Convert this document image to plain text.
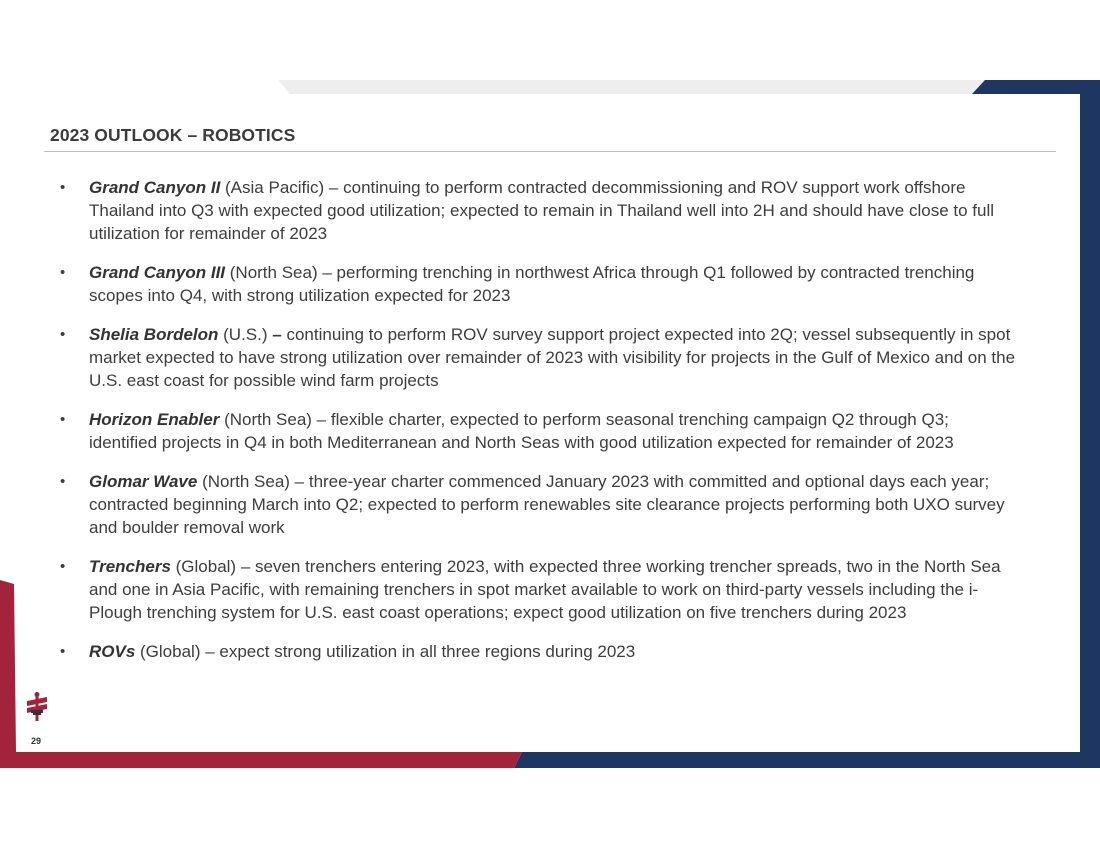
2023 OUTLOOK – ROBOTICS
• Grand Canyon II (Asia Pacific) – continuing to perform contracted decommissioning and ROV support work offshore Thailand into Q3 with expected good utilization; expected to remain in Thailand well into 2H and should have close to full utilization for remainder of 2023
• Grand Canyon III (North Sea) – performing trenching in northwest Africa through Q1 followed by contracted trenching scopes into Q4, with strong utilization expected for 2023
• Shelia Bordelon (U.S.) – continuing to perform ROV survey support project expected into 2Q; vessel subsequently in spot market expected to have strong utilization over remainder of 2023 with visibility for projects in the Gulf of Mexico and on the U.S. east coast for possible wind farm projects
• Horizon Enabler (North Sea) – flexible charter, expected to perform seasonal trenching campaign Q2 through Q3; identified projects in Q4 in both Mediterranean and North Seas with good utilization expected for remainder of 2023
• Glomar Wave (North Sea) – three-year charter commenced January 2023 with committed and optional days each year; contracted beginning March into Q2; expected to perform renewables site clearance projects performing both UXO survey and boulder removal work
• Trenchers (Global) – seven trenchers entering 2023, with expected three working trencher spreads, two in the North Sea and one in Asia Pacific, with remaining trenchers in spot market available to work on third-party vessels including the i-Plough trenching system for U.S. east coast operations; expect good utilization on five trenchers during 2023
• ROVs (Global) – expect strong utilization in all three regions during 2023
29
